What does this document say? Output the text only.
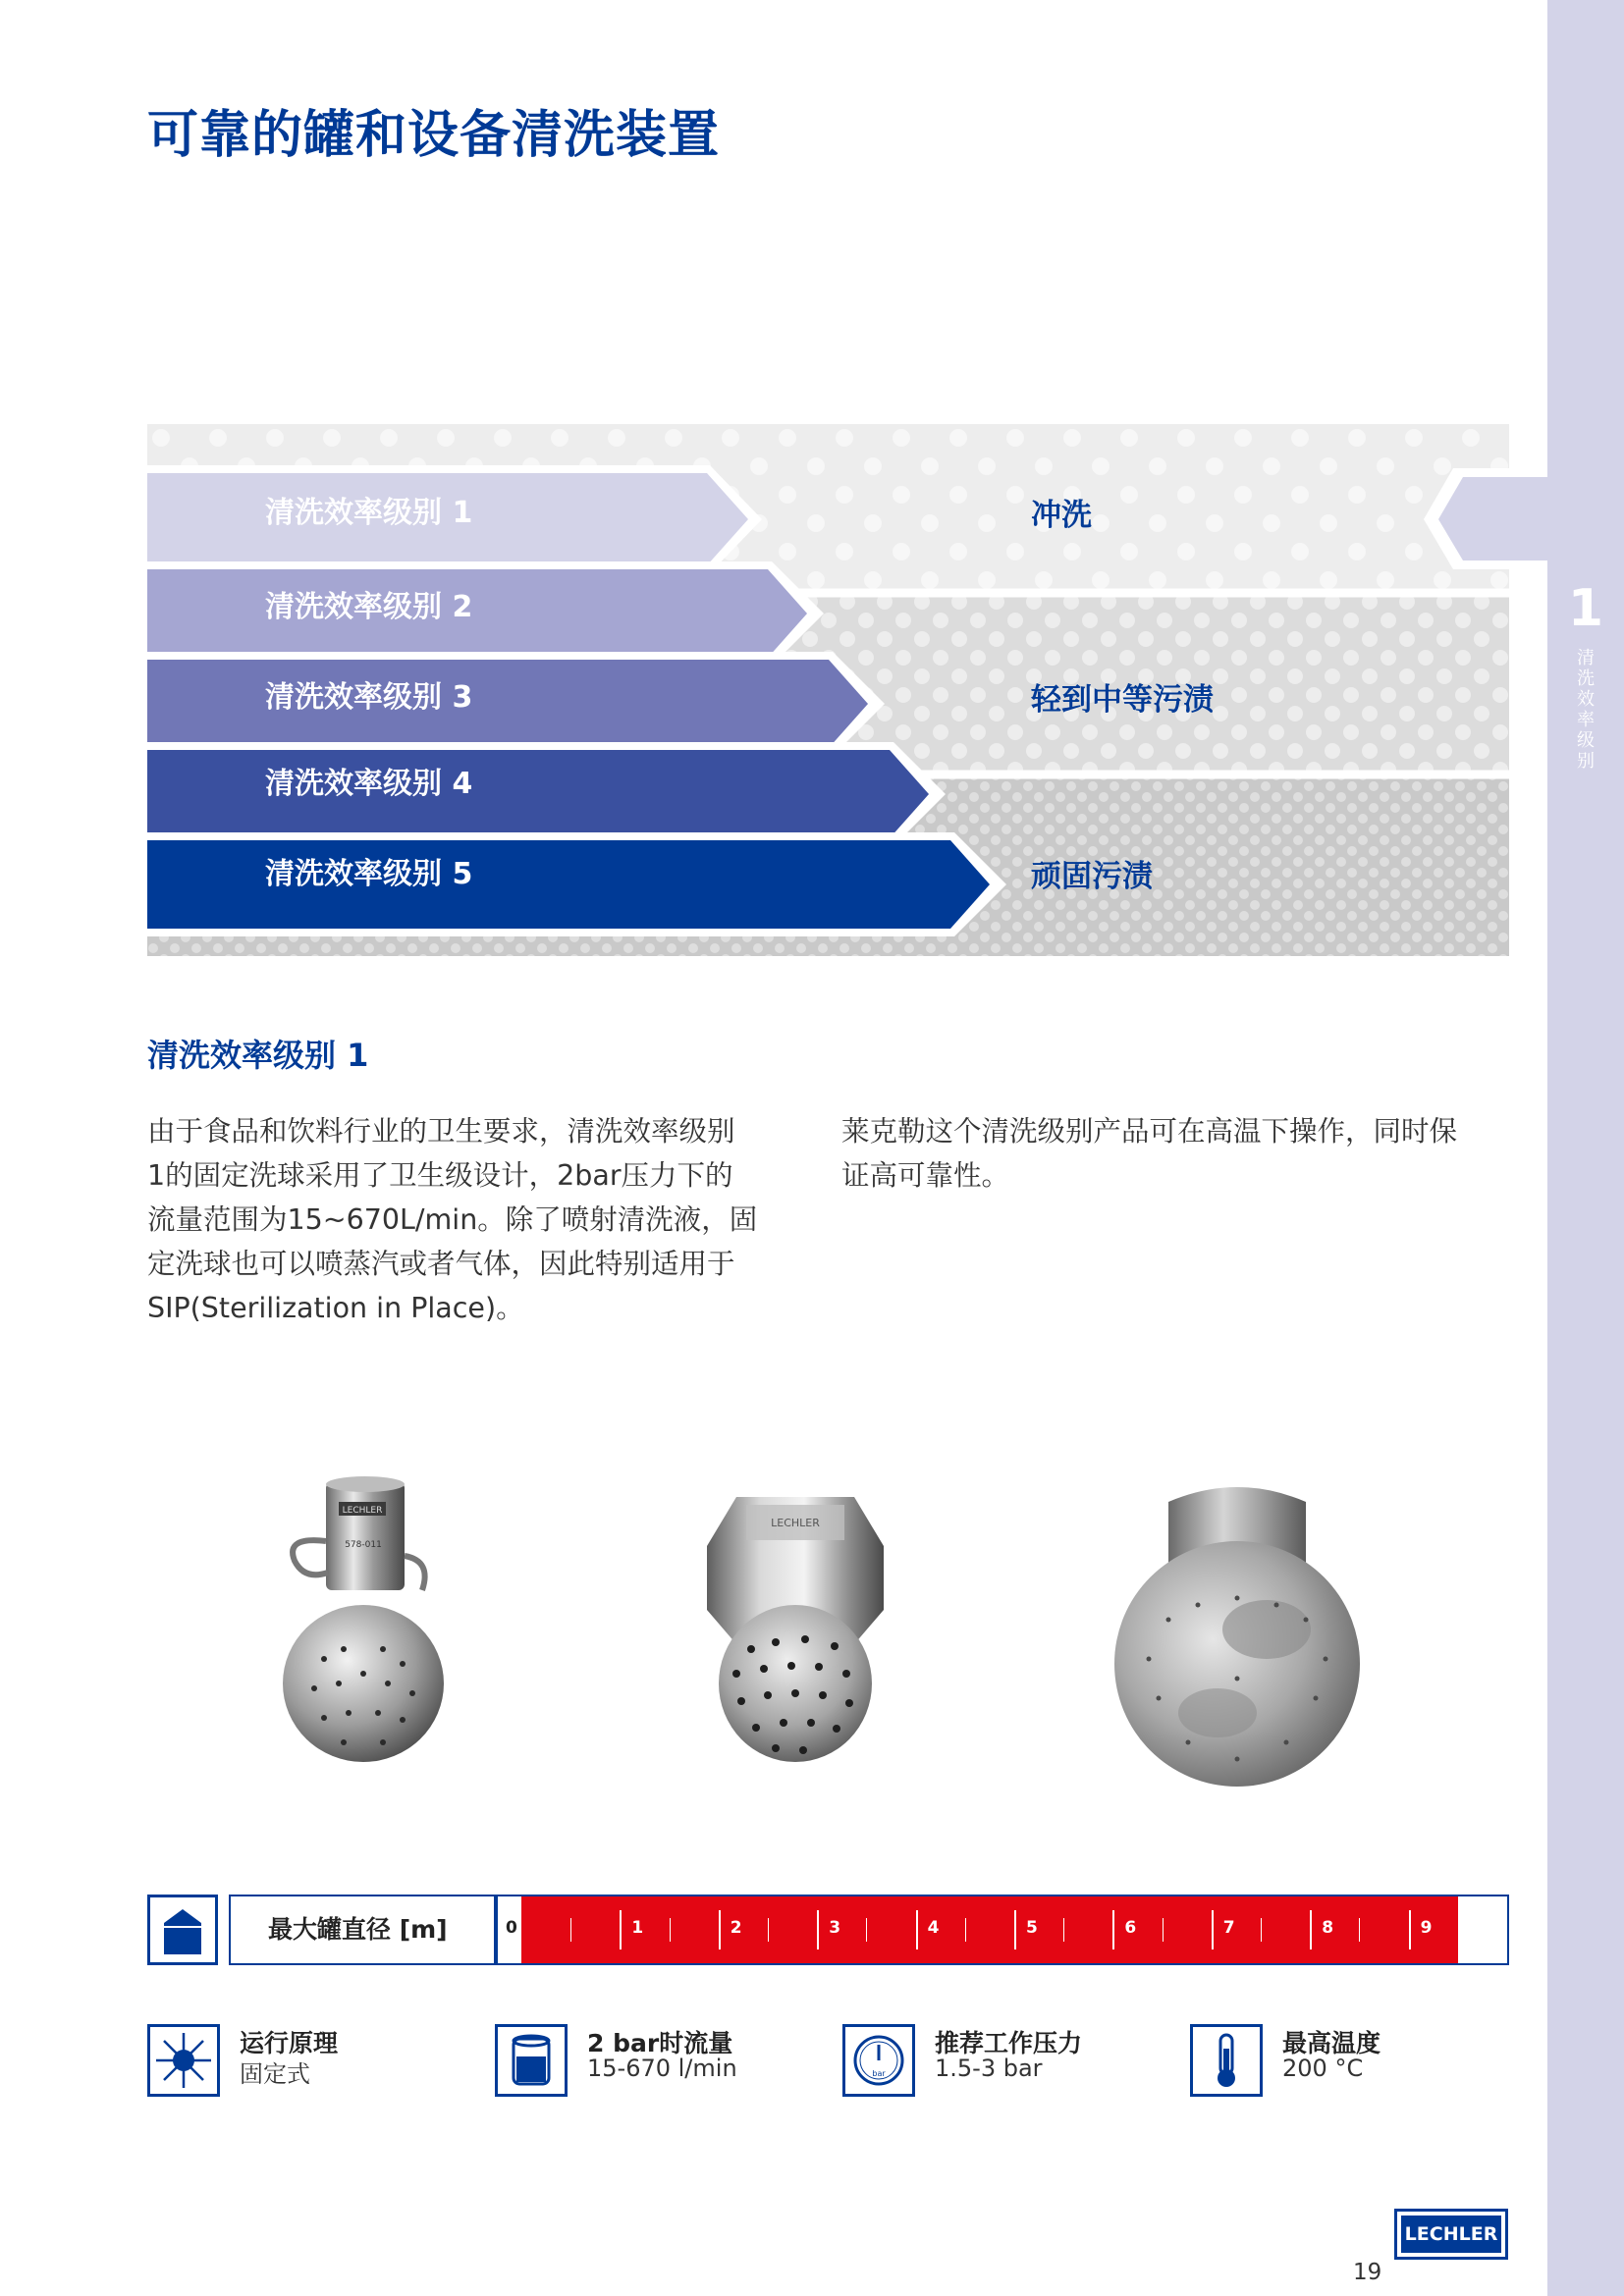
1
清
洗
效
率
级
别
可靠的罐和设备清洗装置
清洗效率级别 1
清洗效率级别 2
清洗效率级别 3
清洗效率级别 4
清洗效率级别 5
冲洗
轻到中等污渍
顽固污渍
清洗效率级别 1
由于食品和饮料行业的卫生要求，清洗效率级别
1的固定洗球采用了卫生级设计，2bar压力下的
流量范围为15~670L/min。除了喷射清洗液，固
定洗球也可以喷蒸汽或者气体，因此特别适用于
SIP(Sterilization in Place)。
莱克勒这个清洗级别产品可在高温下操作，同时保
证高可靠性。
LECHLER
578-011
LECHLER
最大罐直径 [m]	0	1	2	3	4	5	6	7	8	9
运行原理
固定式
2 bar时流量
15-670 l/min	bar
推荐工作压力
1.5-3 bar
最高温度
200 °C
19
LECHLER
